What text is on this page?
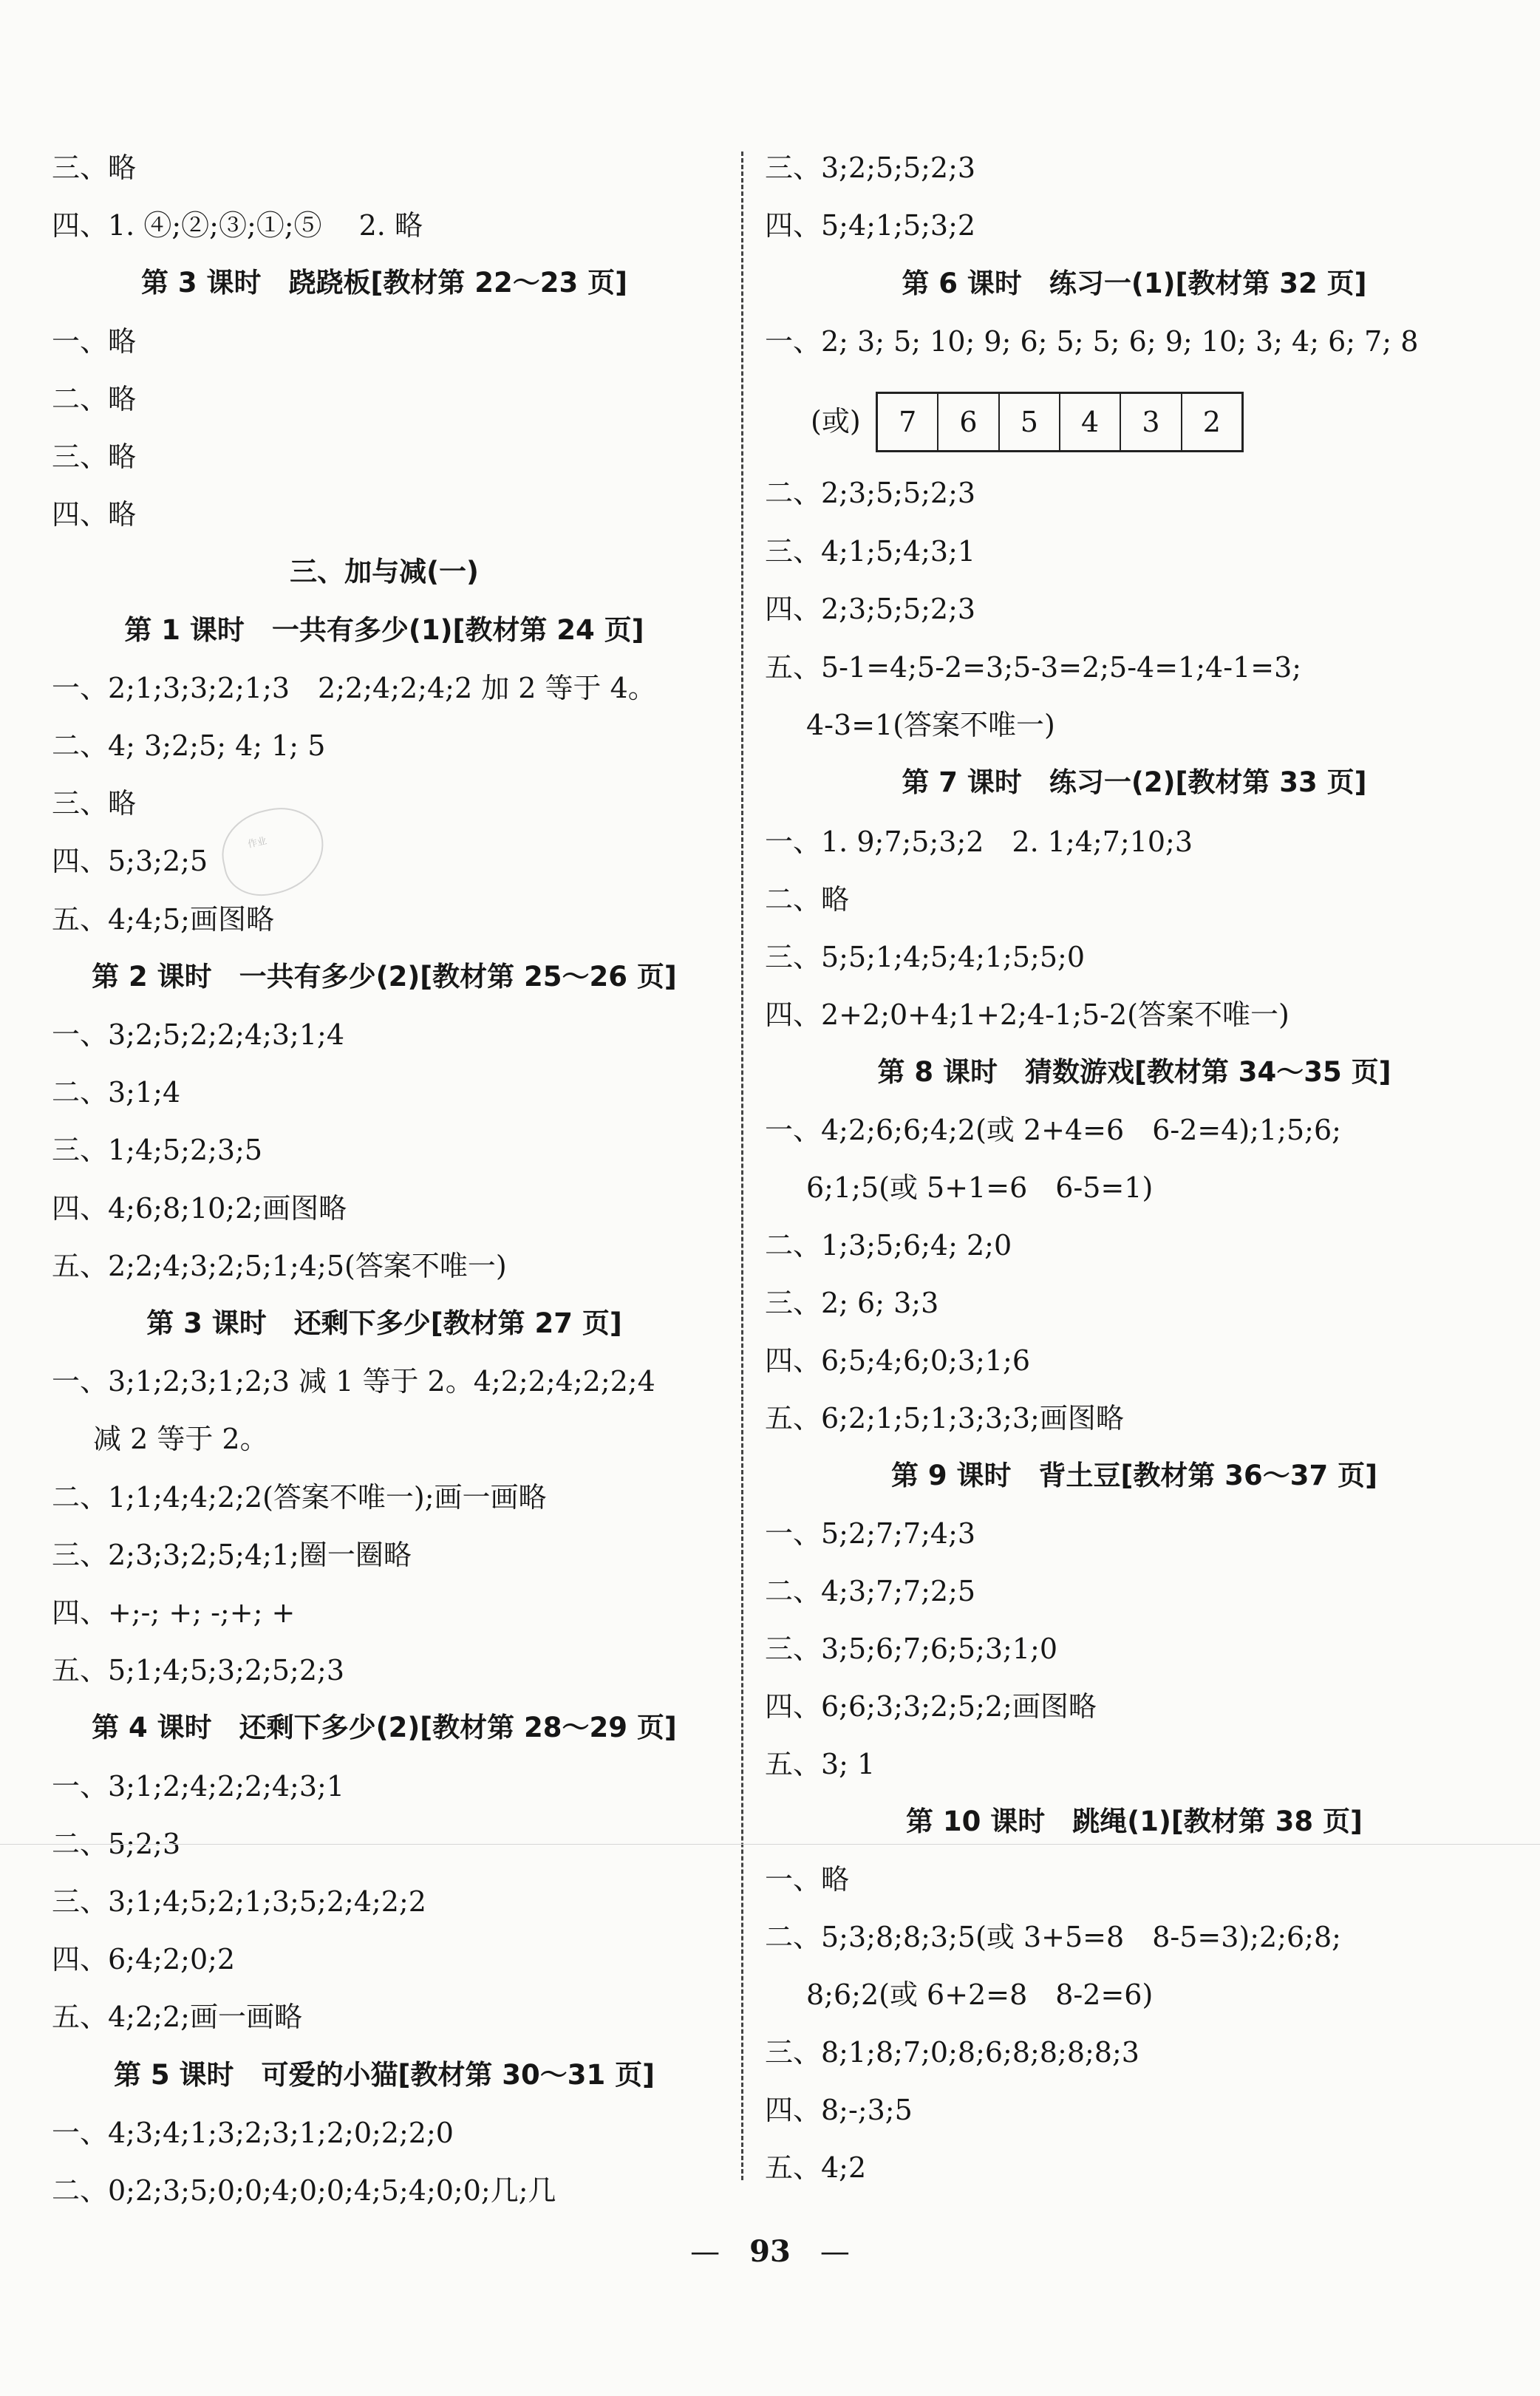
三、略
四、1. ④;②;③;①;⑤　 2. 略
第 3 课时　跷跷板[教材第 22～23 页]
一、略
二、略
三、略
四、略
三、加与减(一)
第 1 课时　一共有多少(1)[教材第 24 页]
一、2;1;3;3;2;1;3　2;2;4;2;4;2 加 2 等于 4。
二、4; 3;2;5; 4; 1; 5
三、略
四、5;3;2;5
五、4;4;5;画图略
第 2 课时　一共有多少(2)[教材第 25～26 页]
一、3;2;5;2;2;4;3;1;4
二、3;1;4
三、1;4;5;2;3;5
四、4;6;8;10;2;画图略
五、2;2;4;3;2;5;1;4;5(答案不唯一)
第 3 课时　还剩下多少[教材第 27 页]
一、3;1;2;3;1;2;3 减 1 等于 2。4;2;2;4;2;2;4
减 2 等于 2。
二、1;1;4;4;2;2(答案不唯一);画一画略
三、2;3;3;2;5;4;1;圈一圈略
四、+;-; +; -;+; +
五、5;1;4;5;3;2;5;2;3
第 4 课时　还剩下多少(2)[教材第 28～29 页]
一、3;1;2;4;2;2;4;3;1
二、5;2;3
三、3;1;4;5;2;1;3;5;2;4;2;2
四、6;4;2;0;2
五、4;2;2;画一画略
第 5 课时　可爱的小猫[教材第 30～31 页]
一、4;3;4;1;3;2;3;1;2;0;2;2;0
二、0;2;3;5;0;0;4;0;0;4;5;4;0;0;几;几
(或)	7	6	5	4	3	2
三、3;2;5;5;2;3
四、5;4;1;5;3;2
第 6 课时　练习一(1)[教材第 32 页]
一、2; 3; 5; 10; 9; 6; 5; 5; 6; 9; 10; 3; 4; 6; 7; 8
二、2;3;5;5;2;3
三、4;1;5;4;3;1
四、2;3;5;5;2;3
五、5-1=4;5-2=3;5-3=2;5-4=1;4-1=3;
4-3=1(答案不唯一)
第 7 课时　练习一(2)[教材第 33 页]
一、1. 9;7;5;3;2　2. 1;4;7;10;3
二、略
三、5;5;1;4;5;4;1;5;5;0
四、2+2;0+4;1+2;4-1;5-2(答案不唯一)
第 8 课时　猜数游戏[教材第 34～35 页]
一、4;2;6;6;4;2(或 2+4=6　6-2=4);1;5;6;
6;1;5(或 5+1=6　6-5=1)
二、1;3;5;6;4; 2;0
三、2; 6; 3;3
四、6;5;4;6;0;3;1;6
五、6;2;1;5;1;3;3;3;画图略
第 9 课时　背土豆[教材第 36～37 页]
一、5;2;7;7;4;3
二、4;3;7;7;2;5
三、3;5;6;7;6;5;3;1;0
四、6;6;3;3;2;5;2;画图略
五、3; 1
第 10 课时　跳绳(1)[教材第 38 页]
一、略
二、5;3;8;8;3;5(或 3+5=8　8-5=3);2;6;8;
8;6;2(或 6+2=8　8-2=6)
三、8;1;8;7;0;8;6;8;8;8;8;3
四、8;-;3;5
五、4;2
作业
—　93　—
